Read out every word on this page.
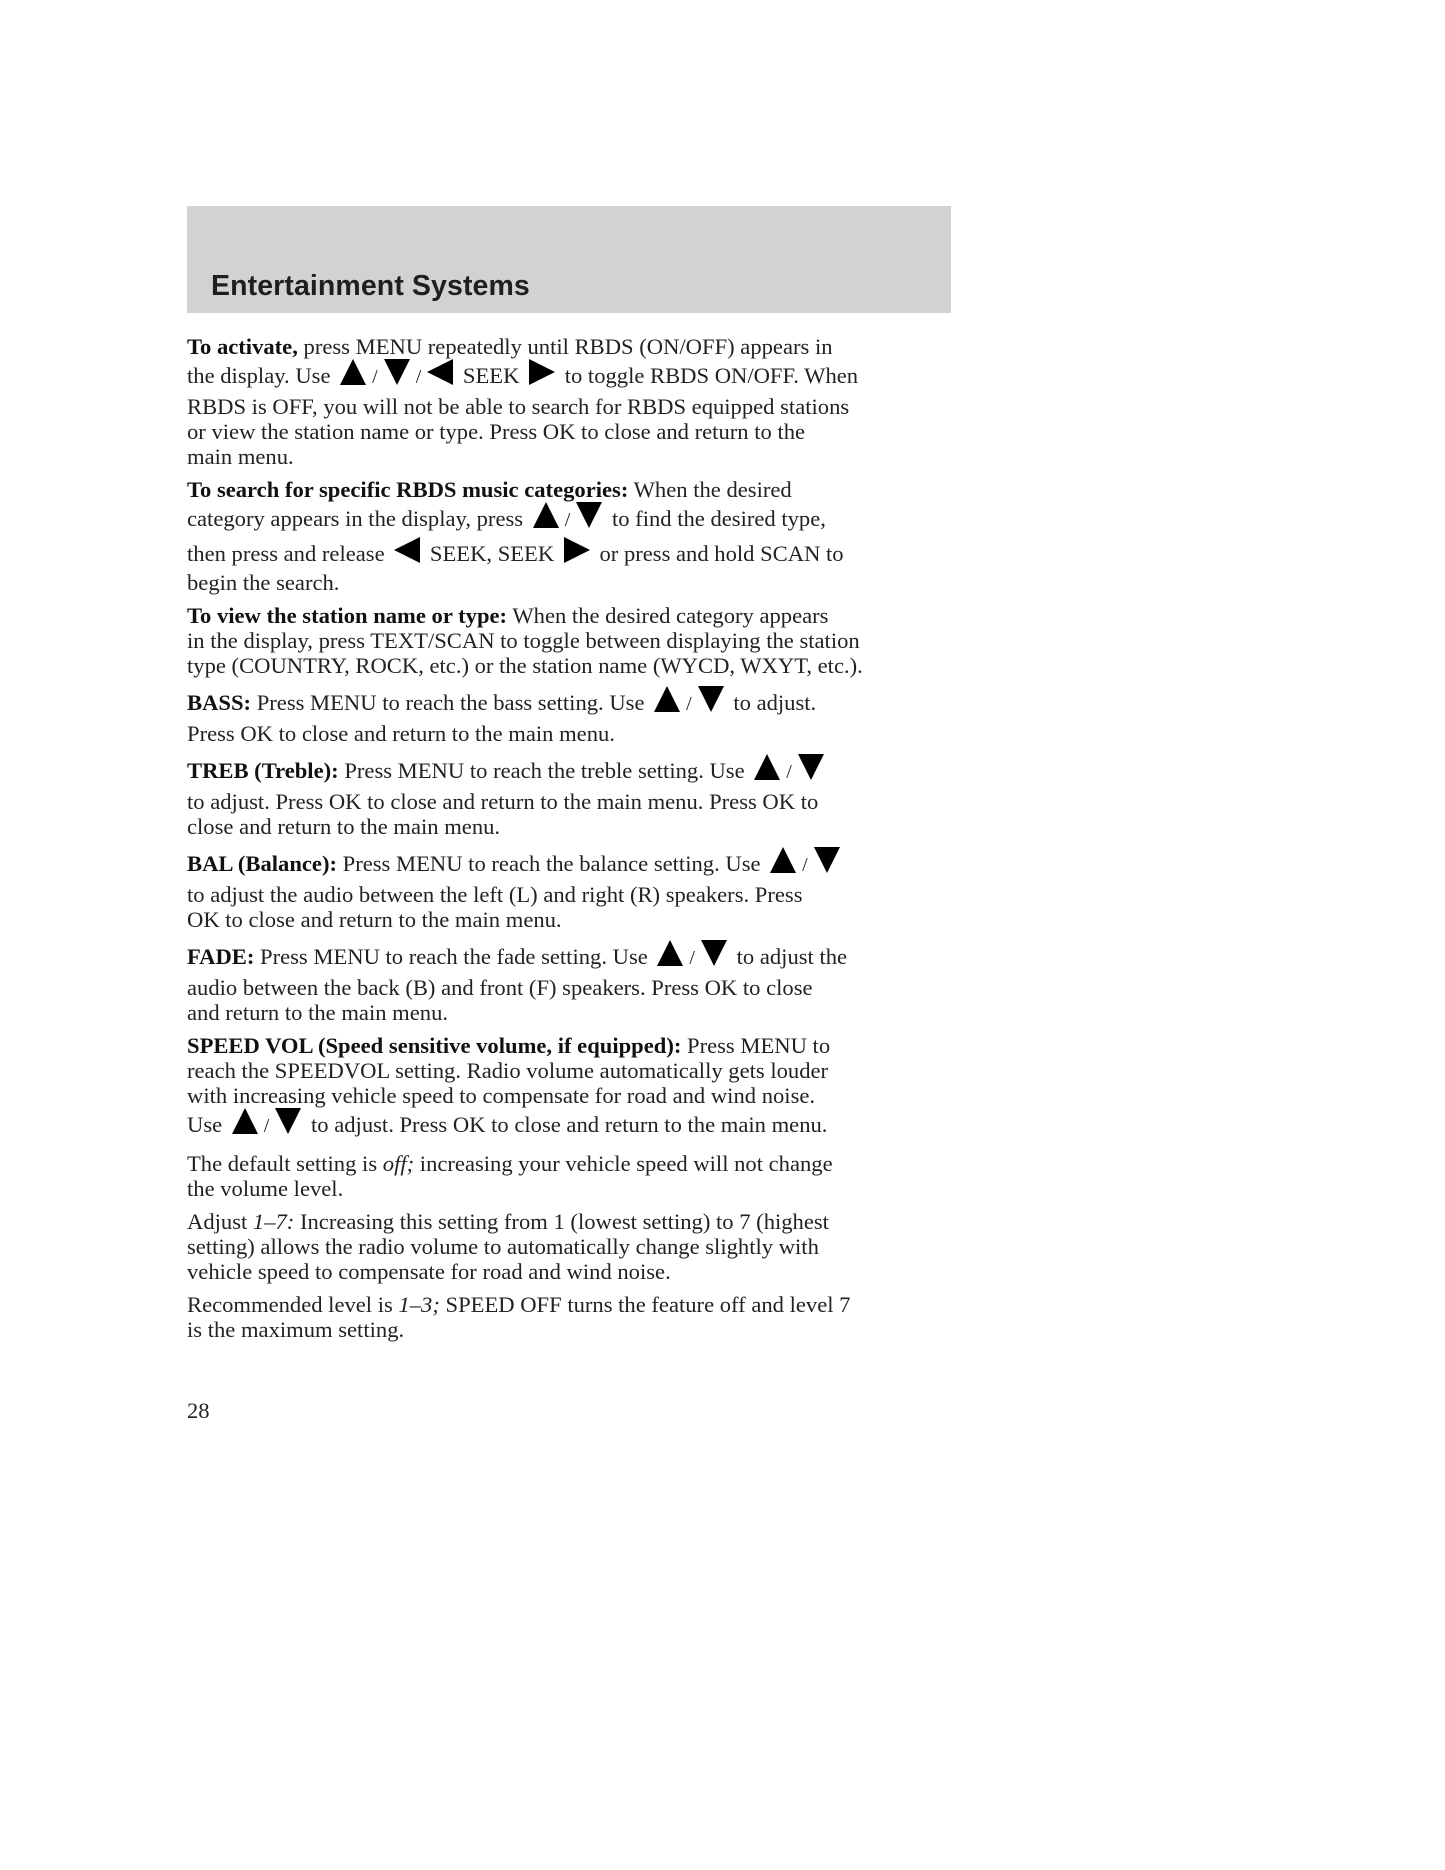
Entertainment Systems

To activate, press MENU repeatedly until RBDS (ON/OFF) appears in
the display. Use / / SEEK  to toggle RBDS ON/OFF. When
RBDS is OFF, you will not be able to search for RBDS equipped stations
or view the station name or type. Press OK to close and return to the
main menu.

To search for specific RBDS music categories: When the desired
category appears in the display, press / to find the desired type,
then press and release  SEEK, SEEK  or press and hold SCAN to
begin the search.

To view the station name or type: When the desired category appears
in the display, press TEXT/SCAN to toggle between displaying the station
type (COUNTRY, ROCK, etc.) or the station name (WYCD, WXYT, etc.).

BASS: Press MENU to reach the bass setting. Use / to adjust.
Press OK to close and return to the main menu.

TREB (Treble): Press MENU to reach the treble setting. Use /
to adjust. Press OK to close and return to the main menu. Press OK to
close and return to the main menu.

BAL (Balance): Press MENU to reach the balance setting. Use /
to adjust the audio between the left (L) and right (R) speakers. Press
OK to close and return to the main menu.

FADE: Press MENU to reach the fade setting. Use / to adjust the
audio between the back (B) and front (F) speakers. Press OK to close
and return to the main menu.

SPEED VOL (Speed sensitive volume, if equipped): Press MENU to
reach the SPEEDVOL setting. Radio volume automatically gets louder
with increasing vehicle speed to compensate for road and wind noise.
Use / to adjust. Press OK to close and return to the main menu.

The default setting is off; increasing your vehicle speed will not change
the volume level.

Adjust 1–7: Increasing this setting from 1 (lowest setting) to 7 (highest
setting) allows the radio volume to automatically change slightly with
vehicle speed to compensate for road and wind noise.

Recommended level is 1–3; SPEED OFF turns the feature off and level 7
is the maximum setting.

28
